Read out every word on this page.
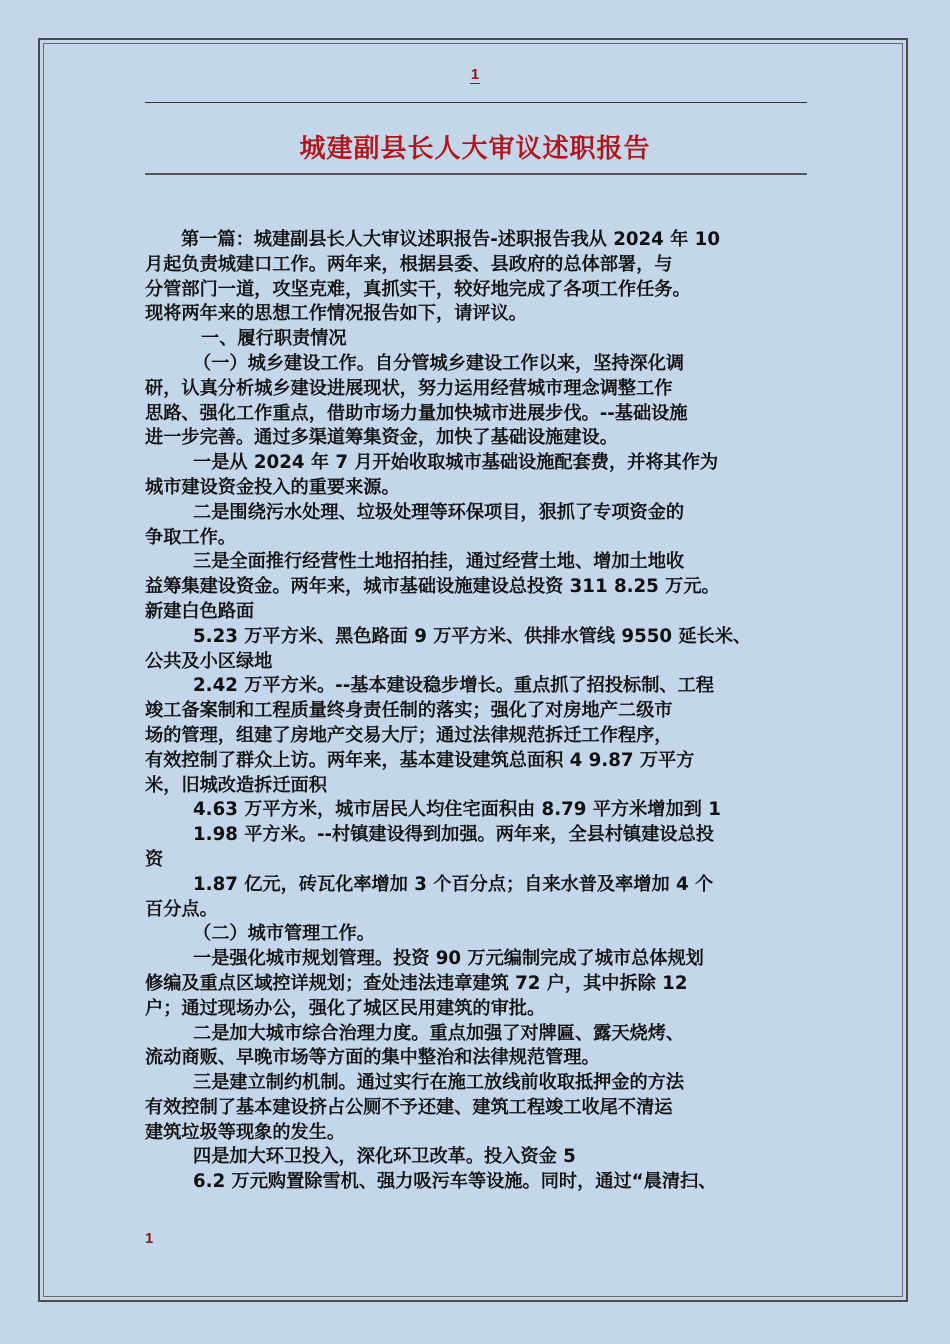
1
城建副县长人大审议述职报告

第一篇：城建副县长人大审议述职报告-述职报告我从 2024 年 10

月起负责城建口工作。两年来，根据县委、县政府的总体部署，与

分管部门一道，攻坚克难，真抓实干，较好地完成了各项工作任务。

现将两年来的思想工作情况报告如下，请评议。

一、履行职责情况

（一）城乡建设工作。自分管城乡建设工作以来，坚持深化调

研，认真分析城乡建设进展现状，努力运用经营城市理念调整工作

思路、强化工作重点，借助市场力量加快城市进展步伐。--基础设施

进一步完善。通过多渠道筹集资金，加快了基础设施建设。

一是从 2024 年 7 月开始收取城市基础设施配套费，并将其作为

城市建设资金投入的重要来源。

二是围绕污水处理、垃圾处理等环保项目，狠抓了专项资金的

争取工作。

三是全面推行经营性土地招拍挂，通过经营土地、增加土地收

益筹集建设资金。两年来，城市基础设施建设总投资 311 8.25 万元。

新建白色路面

5.23 万平方米、黑色路面 9 万平方米、供排水管线 9550 延长米、

公共及小区绿地

2.42 万平方米。--基本建设稳步增长。重点抓了招投标制、工程

竣工备案制和工程质量终身责任制的落实；强化了对房地产二级市

场的管理，组建了房地产交易大厅；通过法律规范拆迁工作程序，

有效控制了群众上访。两年来，基本建设建筑总面积 4 9.87 万平方

米，旧城改造拆迁面积

4.63 万平方米，城市居民人均住宅面积由 8.79 平方米增加到 1

1.98 平方米。--村镇建设得到加强。两年来，全县村镇建设总投

资

1.87 亿元，砖瓦化率增加 3 个百分点；自来水普及率增加 4 个

百分点。

（二）城市管理工作。

一是强化城市规划管理。投资 90 万元编制完成了城市总体规划

修编及重点区域控详规划；查处违法违章建筑 72 户，其中拆除 12

户；通过现场办公，强化了城区民用建筑的审批。

二是加大城市综合治理力度。重点加强了对牌匾、露天烧烤、

流动商贩、早晚市场等方面的集中整治和法律规范管理。

三是建立制约机制。通过实行在施工放线前收取抵押金的方法

有效控制了基本建设挤占公厕不予还建、建筑工程竣工收尾不清运

建筑垃圾等现象的发生。

四是加大环卫投入，深化环卫改革。投入资金 5

6.2 万元购置除雪机、强力吸污车等设施。同时，通过“晨清扫、

1
